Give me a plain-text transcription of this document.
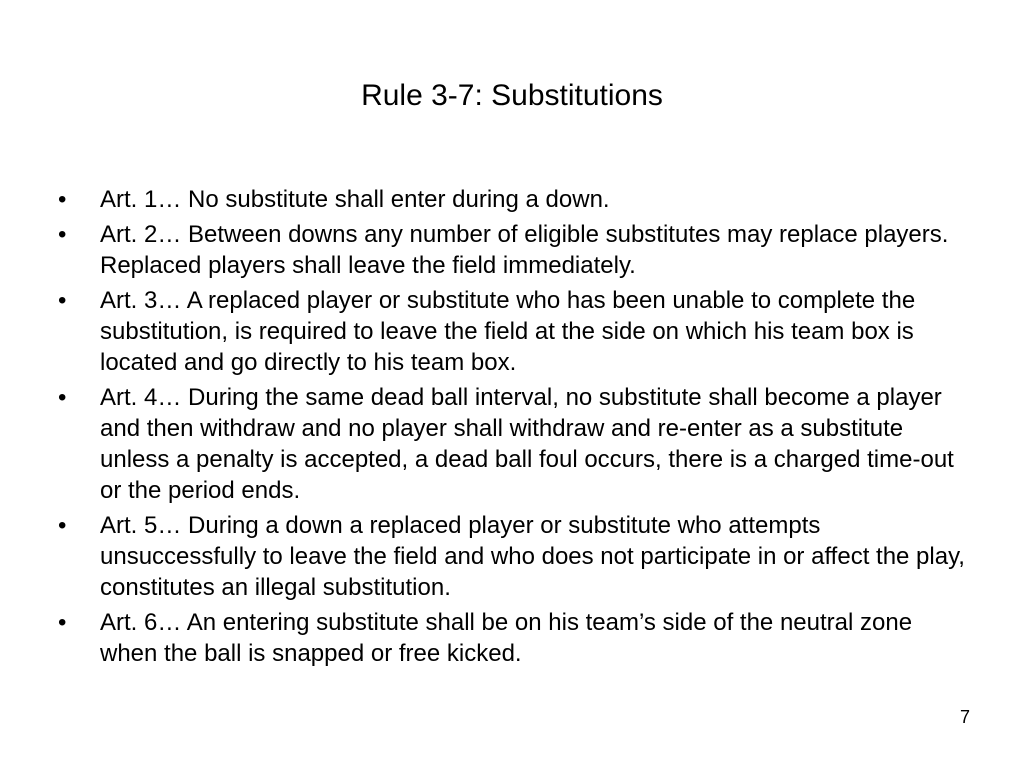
Rule 3-7: Substitutions
•	Art. 1… No substitute shall enter during a down.
•	Art. 2… Between downs any number of eligible substitutes may replace players. Replaced players shall leave the field immediately.
•	Art. 3… A replaced player or substitute who has been unable to complete the substitution, is required to leave the field at the side on which his team box is located and go directly to his team box.
•	Art. 4… During the same dead ball interval, no substitute shall become a player and then withdraw and no player shall withdraw and re-enter as a substitute unless a penalty is accepted, a dead ball foul occurs, there is a charged time-out or the period ends.
•	Art. 5… During a down a replaced player or substitute who attempts unsuccessfully to leave the field and who does not participate in or affect the play, constitutes an illegal substitution.
•	Art. 6… An entering substitute shall be on his team’s side of the neutral zone when the ball is snapped or free kicked.
7
